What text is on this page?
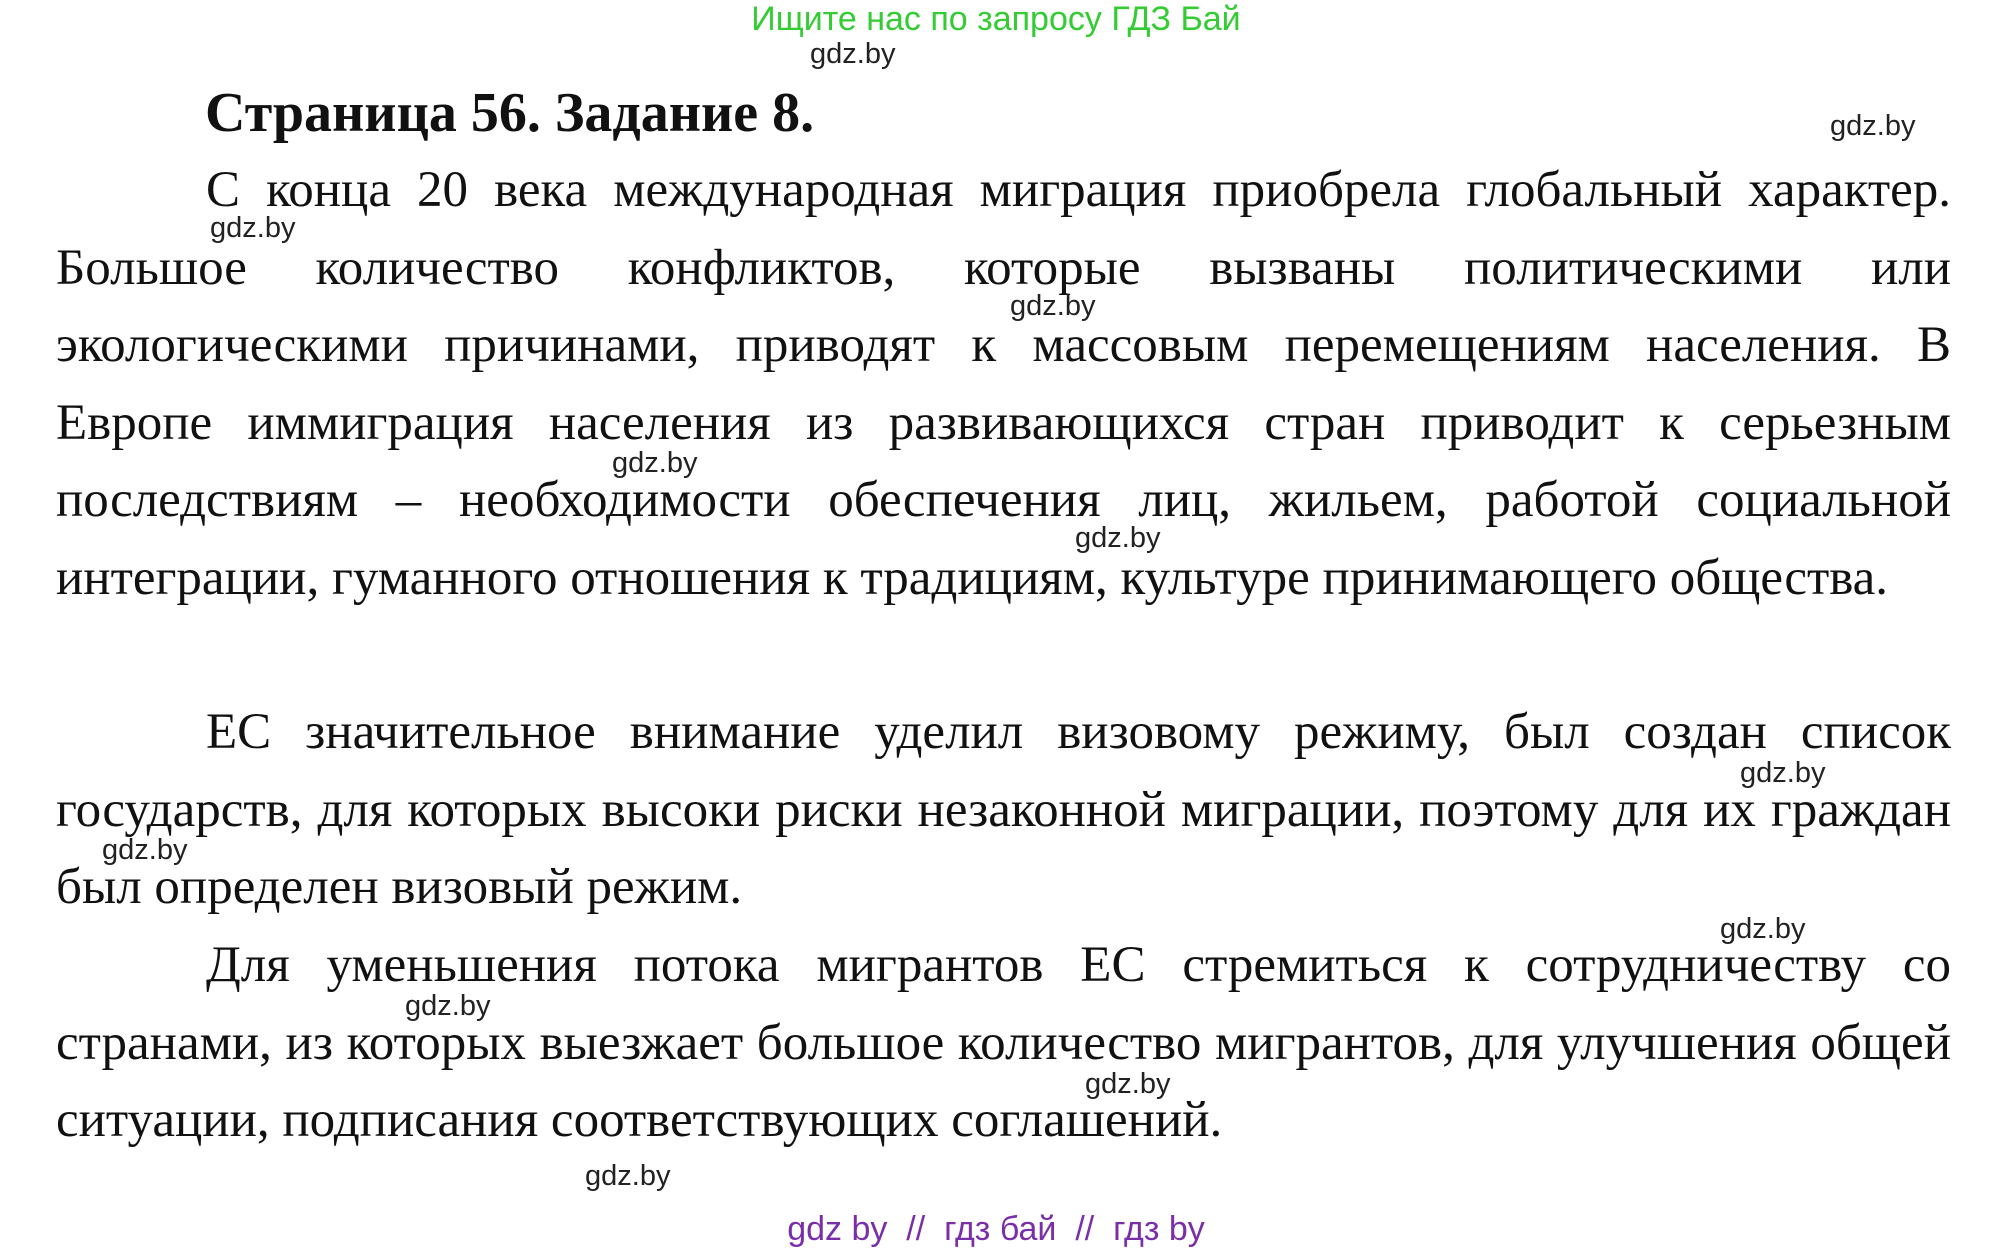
Ищите нас по запросу ГДЗ Бай
Страница 56. Задание 8.

С конца 20 века международная миграция приобрела глобальный характер. Большое количество конфликтов, которые вызваны политическими или экологическими причинами, приводят к массовым перемещениям населения. В Европе иммиграция населения из развивающихся стран приводит к серьезным последствиям – необходимости обеспечения лиц, жильем, работой социальной интеграции, гуманного отношения к традициям, культуре принимающего общества.

ЕС значительное внимание уделил визовому режиму, был создан список государств, для которых высоки риски незаконной миграции, поэтому для их граждан был определен визовый режим.

Для уменьшения потока мигрантов ЕС стремиться к сотрудничеству со странами, из которых выезжает большое количество мигрантов, для улучшения общей ситуации, подписания соответствующих соглашений.

gdz.by
gdz.by
gdz.by
gdz.by
gdz.by
gdz.by
gdz.by
gdz.by
gdz.by
gdz.by
gdz.by
gdz.by
gdz by  //  гдз бай  //  гдз by
